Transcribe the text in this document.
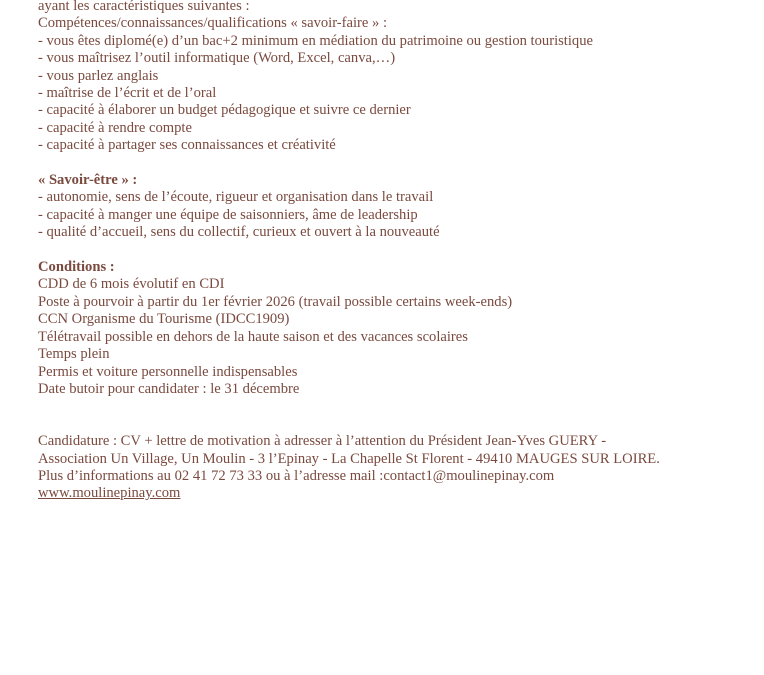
ayant les caractéristiques suivantes :
Compétences/connaissances/qualifications « savoir-faire » :
- vous êtes diplomé(e) d’un bac+2 minimum en médiation du patrimoine ou gestion touristique
- vous maîtrisez l’outil informatique (Word, Excel, canva,…)
- vous parlez anglais
- maîtrise de l’écrit et de l’oral
- capacité à élaborer un budget pédagogique et suivre ce dernier
- capacité à rendre compte
- capacité à partager ses connaissances et créativité
« Savoir-être » :
- autonomie, sens de l’écoute, rigueur et organisation dans le travail
- capacité à manger une équipe de saisonniers, âme de leadership
- qualité d’accueil, sens du collectif, curieux et ouvert à la nouveauté
Conditions :
CDD de 6 mois évolutif en CDI
Poste à pourvoir à partir du 1er février 2026 (travail possible certains week-ends)
CCN Organisme du Tourisme (IDCC1909)
Télétravail possible en dehors de la haute saison et des vacances scolaires
Temps plein
Permis et voiture personnelle indispensables
Date butoir pour candidater : le 31 décembre
Candidature : CV + lettre de motivation à adresser à l’attention du Président Jean-Yves GUERY -
Association Un Village, Un Moulin - 3 l’Epinay - La Chapelle St Florent - 49410 MAUGES SUR LOIRE.
Plus d’informations au 02 41 72 73 33 ou à l’adresse mail :contact1@moulinepinay.com
www.moulinepinay.com
